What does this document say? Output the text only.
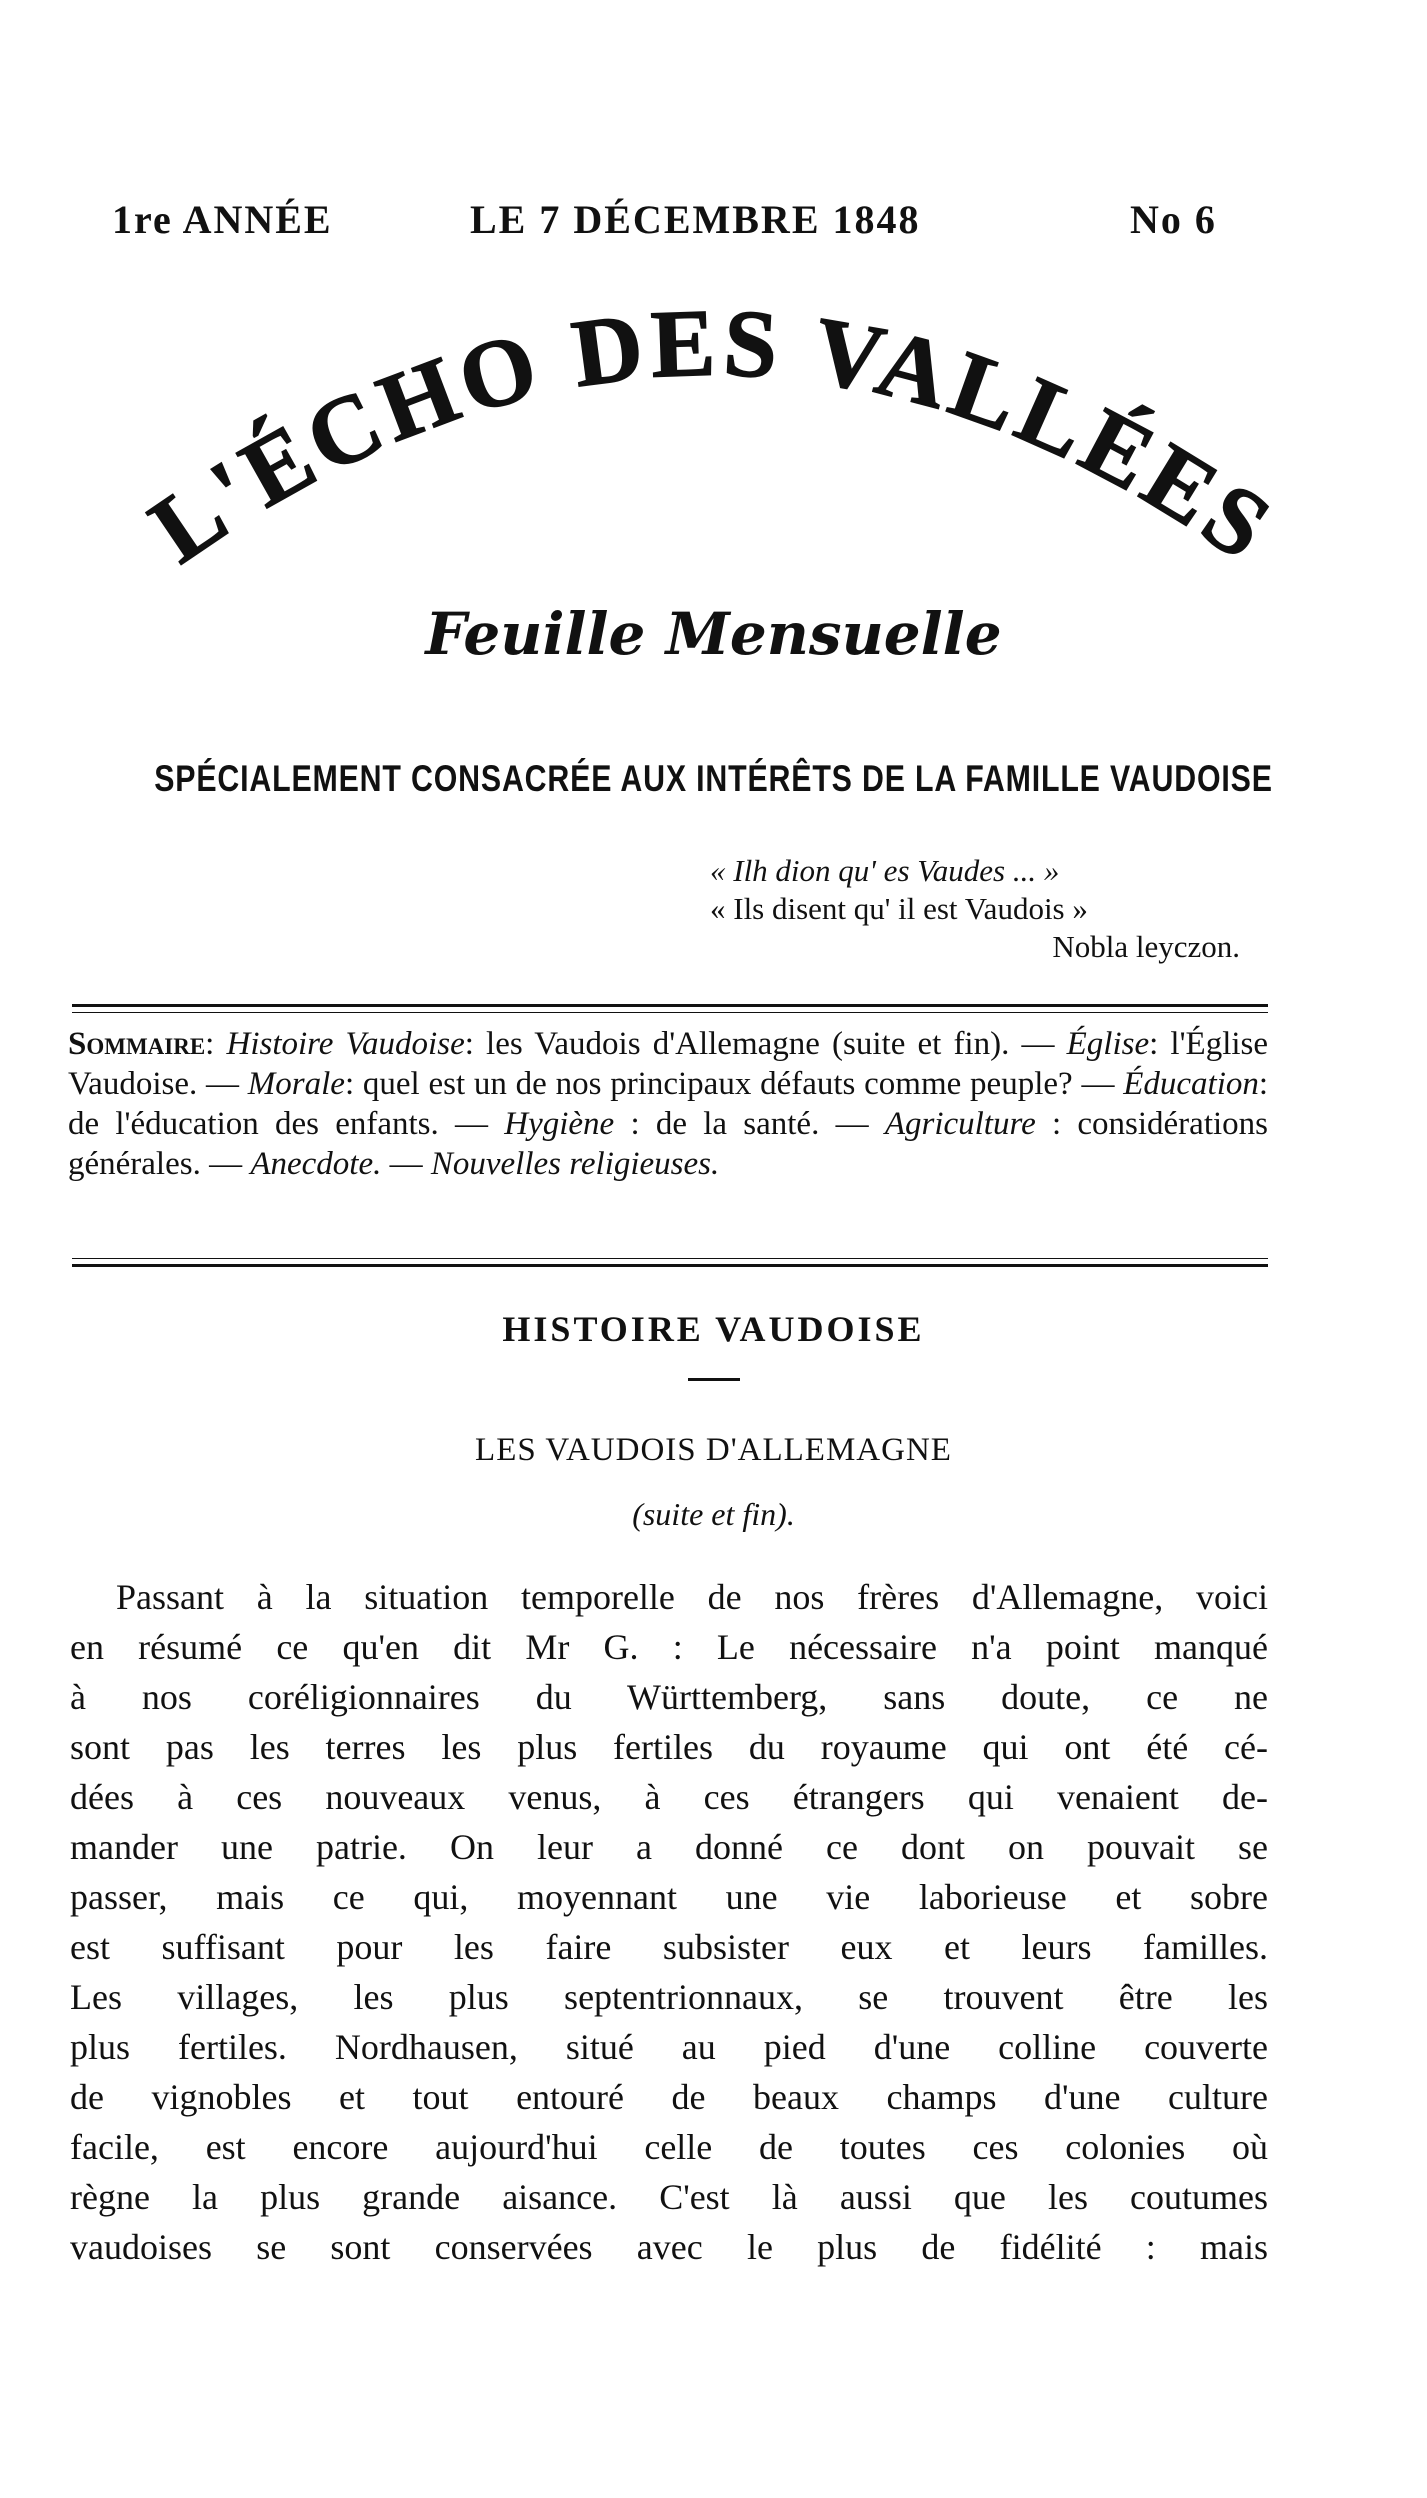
1re ANNÉE	LE 7 DÉCEMBRE 1848	No 6
L'ÉCHO DES VALLÉES
Feuille Mensuelle
SPÉCIALEMENT CONSACRÉE AUX INTÉRÊTS DE LA FAMILLE VAUDOISE
« Ilh dion qu' es Vaudes ... »
« Ils disent qu' il est Vaudois »
Nobla leyczon.
Sommaire: Histoire Vaudoise: les Vaudois d'Allemagne (suite et fin). — Église: l'Église Vaudoise. — Morale: quel est un de nos principaux défauts comme peuple? — Éducation: de l'éducation des enfants. — Hygiène : de la santé. — Agriculture : considérations générales. — Anecdote. — Nouvelles religieuses.
HISTOIRE VAUDOISE
LES VAUDOIS D'ALLEMAGNE
(suite et fin).
Passant à la situation temporelle de nos frères d'Allemagne, voici
en résumé ce qu'en dit Mr G. : Le nécessaire n'a point manqué
à nos coréligionnaires du Württemberg, sans doute, ce ne
sont pas les terres les plus fertiles du royaume qui ont été cé-
dées à ces nouveaux venus, à ces étrangers qui venaient de-
mander une patrie. On leur a donné ce dont on pouvait se
passer, mais ce qui, moyennant une vie laborieuse et sobre
est suffisant pour les faire subsister eux et leurs familles.
Les villages, les plus septentrionnaux, se trouvent être les
plus fertiles. Nordhausen, situé au pied d'une colline couverte
de vignobles et tout entouré de beaux champs d'une culture
facile, est encore aujourd'hui celle de toutes ces colonies où
règne la plus grande aisance. C'est là aussi que les coutumes
vaudoises se sont conservées avec le plus de fidélité : mais
